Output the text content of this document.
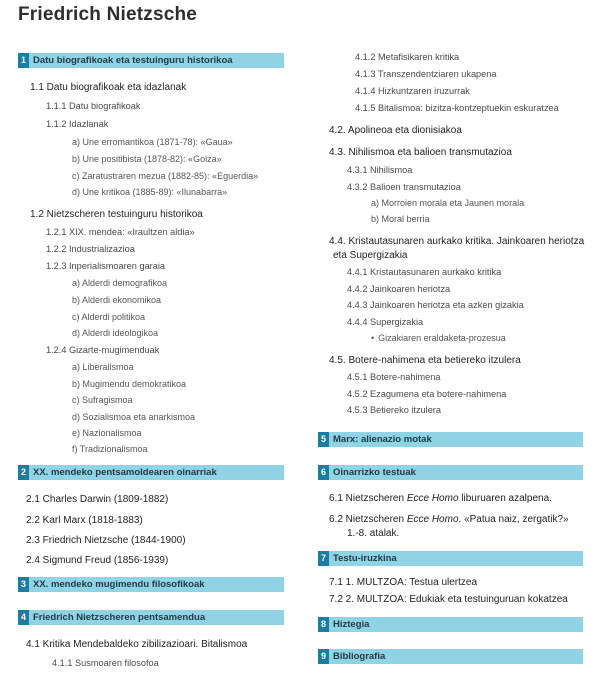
Friedrich Nietzsche
1 Datu biografikoak eta testuinguru historikoa
1.1 Datu biografikoak eta idazlanak
1.1.1 Datu biografikoak
1.1.2 Idazlanak
a) Une erromantikoa (1871-78): «Gaua»
b) Une positibista (1878-82): «Goiza»
c) Zaratustraren mezua (1882-85): «Eguerdia»
d) Une kritikoa (1885-89): «Ilunabarra»
1.2 Nietzscheren testuinguru historikoa
1.2.1 XIX. mendea: «Iraultzen aldia»
1.2.2 Industrializazioa
1.2.3 Inperialismoaren garaia
a) Alderdi demografikoa
b) Alderdi ekonomikoa
c) Alderdi politikoa
d) Alderdi ideologikoa
1.2.4 Gizarte-mugimenduak
a) Liberalismoa
b) Mugimendu demokratikoa
c) Sufragismoa
d) Sozialismoa eta anarkismoa
e) Nazionalismoa
f) Tradizionalismoa
2 XX. mendeko pentsamoldearen oinarriak
2.1 Charles Darwin (1809-1882)
2.2 Karl Marx (1818-1883)
2.3 Friedrich Nietzsche (1844-1900)
2.4 Sigmund Freud (1856-1939)
3 XX. mendeko mugimendu filosofikoak
4 Friedrich Nietzscheren pentsamendua
4.1 Kritika Mendebaldeko zibilizazioari. Bitalismoa
4.1.1 Susmoaren filosofoa
4.1.2 Metafisikaren kritika
4.1.3 Transzendentziaren ukapena
4.1.4 Hizkuntzaren iruzurrak
4.1.5 Bitalismoa: bizitza-kontzeptuekin eskuratzea
4.2. Apolineoa eta dionisiakoa
4.3. Nihilismoa eta balioen transmutazioa
4.3.1 Nihilismoa
4.3.2 Balioen transmutazioa
a) Morroien morala eta Jaunen morala
b) Moral berria
4.4. Kristautasunaren aurkako kritika. Jainkoaren heriotza
eta Supergizakia
4.4.1 Kristautasunaren aurkako kritika
4.4.2 Jainkoaren heriotza
4.4.3 Jainkoaren heriotza eta azken gizakia
4.4.4 Supergizakia
• Gizakiaren eraldaketa-prozesua
4.5. Botere-nahimena eta betiereko itzulera
4.5.1 Botere-nahimena
4.5.2 Ezagumena eta botere-nahimena
4.5.3 Betiereko itzulera
5 Marx: alienazio motak
6 Oinarrizko testuak
6.1 Nietzscheren Ecce Homo liburuaren azalpena.
6.2 Nietzscheren Ecce Homo. «Patua naiz, zergatik?»
1.-8. atalak.
7 Testu-iruzkina
7.1 1. MULTZOA: Testua ulertzea
7.2 2. MULTZOA: Edukiak eta testuinguruan kokatzea
8 Hiztegia
9 Bibliografia
